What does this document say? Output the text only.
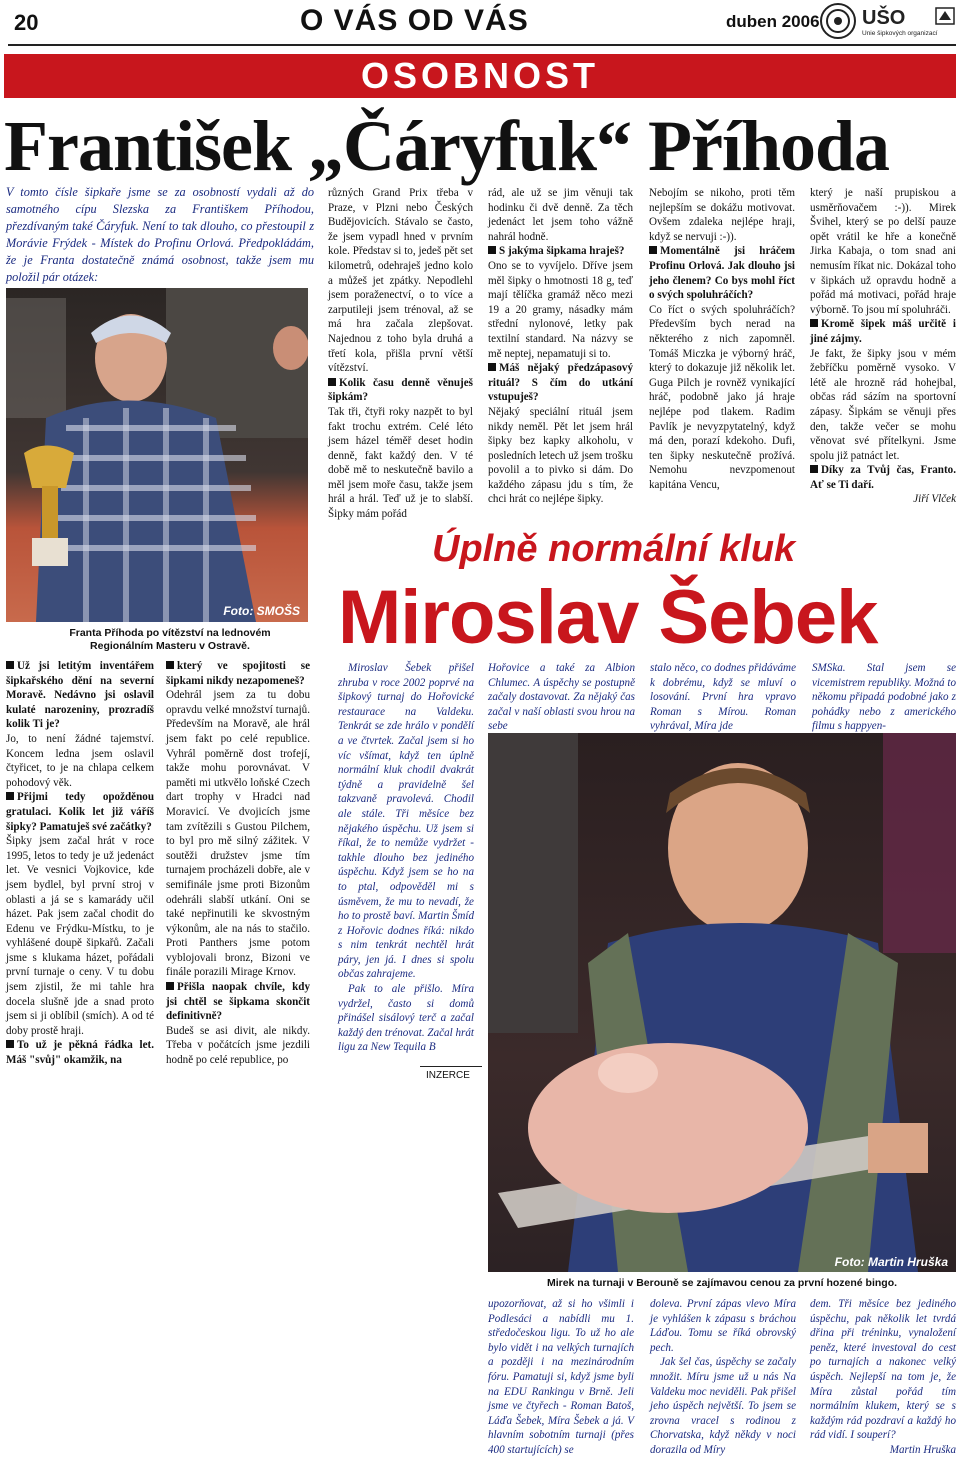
20	O VÁS OD VÁS	duben 2006 UŠO
Unie šipkových organizací
OSOBNOST
František „Čáryfuk“ Příhoda
V tomto čísle šipkaře jsme se za osobností vydali až do samotného cípu Slezska za Františkem Příhodou, přezdívaným také Čáryfuk. Není to tak dlouho, co přestoupil z Morávie Frýdek - Místek do Profinu Orlová. Předpokládám, že je Franta dostatečně známá osobnost, takže jsem mu položil pár otázek:
Foto: SMOŠS
Franta Příhoda po vítězství na lednovém Regionálním Masteru v Ostravě.

Už jsi letitým inventářem šipkařského dění na severní Moravě. Nedávno jsi oslavil kulaté narozeniny, prozradíš kolik Ti je?

Jo, to není žádné tajemství. Koncem ledna jsem oslavil čtyřicet, to je na chlapa celkem pohodový věk.

Přijmi tedy opožděnou gratulaci. Kolik let již váříš šipky? Pamatuješ své začátky?

Šipky jsem začal hrát v roce 1995, letos to tedy je už jedenáct let. Ve vesnici Vojkovice, kde jsem bydlel, byl první stroj v oblasti a já se s kamarády učil házet. Pak jsem začal chodit do Edenu ve Frýdku-Místku, to je vyhlášené doupě šipkařů. Začali jsme s klukama házet, pořádali první turnaje o ceny. V tu dobu jsem zjistil, že mi tahle hra docela slušně jde a snad proto jsem si ji oblíbil (smích). A od té doby prostě hraji.

To už je pěkná řádka let. Máš "svůj" okamžik, na

který ve spojitosti se šipkami nikdy nezapomeneš?

Odehrál jsem za tu dobu opravdu velké množství turnajů. Především na Moravě, ale hrál jsem fakt po celé republice. Vyhrál poměrně dost trofejí, takže mohu porovnávat. V paměti mi utkvělo loňské Czech dart trophy v Hradci nad Moravicí. Ve dvojicích jsme tam zvítězili s Gustou Pilchem, to byl pro mě silný zážitek. V soutěži družstev jsme tím turnajem procházeli dobře, ale v semifinále jsme proti Bizonům odehráli slabší utkání. Oni se také nepřinutili ke skvostným výkonům, ale na nás to stačilo. Proti Panthers jsme potom vyblojovali bronz, Bizoni ve finále porazili Mirage Krnov.

Přišla naopak chvíle, kdy jsi chtěl se šipkama skončit definitivně?

Budeš se asi divit, ale nikdy. Třeba v počátcích jsme jezdili hodně po celé republice, po

různých Grand Prix třeba v Praze, v Plzni nebo Českých Budějovicích. Stávalo se často, že jsem vypadl hned v prvním kole. Představ si to, jedeš pět set kilometrů, odehraješ jedno kolo a můžeš jet zpátky. Nepodlehl jsem poraženectví, o to více a zarputileji jsem trénoval, až se má hra začala zlepšovat. Najednou z toho byla druhá a třetí kola, přišla první větší vítězství.

Kolik času denně věnuješ šipkám?

Tak tři, čtyři roky nazpět to byl fakt trochu extrém. Celé léto jsem házel téměř deset hodin denně, fakt každý den. V té době mě to neskutečně bavilo a měl jsem moře času, takže jsem hrál a hrál. Teď už je to slabší. Šipky mám pořád

rád, ale už se jim věnuji tak hodinku či dvě denně. Za těch jedenáct let jsem toho vážně nahrál hodně.

S jakýma šipkama hraješ?

Ono se to vyvíjelo. Dříve jsem měl šipky o hmotnosti 18 g, teď mají tělíčka gramáž něco mezi 19 a 20 gramy, násadky mám střední nylonové, letky pak textilní standard. Na názvy se mě neptej, nepamatuji si to.

Máš nějaký předzápasový rituál? S čím do utkání vstupuješ?

Nějaký speciální rituál jsem nikdy neměl. Pět let jsem hrál šipky bez kapky alkoholu, v posledních letech už jsem trošku povolil a to pivko si dám. Do každého zápasu jdu s tím, že chci hrát co nejlépe šipky.

Nebojím se nikoho, proti těm nejlepším se dokážu motivovat. Ovšem zdaleka nejlépe hraji, když se nervuji :-)).

Momentálně jsi hráčem Profinu Orlová. Jak dlouho jsi jeho členem? Co bys mohl říct o svých spoluhráčích?

Co říct o svých spoluhráčích? Především bych nerad na některého z nich zapomněl. Tomáš Miczka je výborný hráč, který to dokazuje již několik let. Guga Pilch je rovněž vynikající hráč, podobně jako já hraje nejlépe pod tlakem. Radim Pavlík je nevyzpytatelný, když má den, porazí kdekoho. Dufi, ten šipky neskutečně prožívá. Nemohu nevzpomenout kapitána Vencu,

který je naší prupiskou a usměrňovačem :-)). Mirek Švihel, který se po delší pauze opět vrátil ke hře a konečně Jirka Kabaja, o tom snad ani nemusím říkat nic. Dokázal toho v šipkách už opravdu hodně a pořád má motivaci, pořád hraje výborně. To jsou mí spoluhráči.

Kromě šipek máš určitě i jiné zájmy.

Je fakt, že šipky jsou v mém žebříčku poměrně vysoko. V létě ale hrozně rád hohejbal, občas rád sázím na sportovní zápasy. Šipkám se věnuji přes den, takže večer se mohu věnovat své přítelkyni. Jsme spolu již patnáct let.

Díky za Tvůj čas, Franto. Ať se Ti daří.

Jiří Vlček

Úplně normální kluk
Miroslav Šebek

Miroslav Šebek přišel zhruba v roce 2002 poprvé na šipkový turnaj do Hořovické restaurace na Valdeku. Tenkrát se zde hrálo v pondělí a ve čtvrtek. Začal jsem si ho víc všímat, když ten úplně normální kluk chodil dvakrát týdně a pravidelně šel takzvaně pravolevá. Chodil ale stále. Tři měsíce bez nějakého úspěchu. Už jsem si říkal, že to nemůže vydržet - takhle dlouho bez jediného úspěchu. Když jsem se ho na to ptal, odpověděl mi s úsměvem, že mu to nevadí, že ho to prostě baví. Martin Šmíd z Hořovic dodnes říká: nikdo s nim tenkrát nechtěl hrát páry, jen já. I dnes si spolu občas zahrajeme.

Pak to ale přišlo. Míra vydržel, často si domů přinášel sisálový terč a začal každý den trénovat. Začal hrát ligu za New Tequila B

INZERCE
Hořovice a také za Albion Chlumec. A úspěchy se postupně začaly dostavovat. Za nějaký čas začal v naší oblasti svou hrou na sebe
stalo něco, co dodnes přidáváme k dobrému, když se mluví o losování. První hra vpravo Roman s Mírou. Roman vyhrával, Míra jde
SMSka. Stal jsem se vicemistrem republiky. Možná to někomu připadá podobné jako z pohádky nebo z amerického filmu s happyen-
Foto: Martin Hruška
Mirek na turnaji v Berouně se zajímavou cenou za první hozené bingo.
upozorňovat, až si ho všimli i Podlesáci a nabídli mu 1. středočeskou ligu. To už ho ale bylo vidět i na velkých turnajích a později i na mezinárodním fóru. Pamatuji si, když jsme byli na EDU Rankingu v Brně. Jeli jsme ve čtyřech - Roman Batoš, Láďa Šebek, Míra Šebek a já. V hlavním sobotním turnaji (přes 400 startujících) se

doleva. První zápas vlevo Míra je vyhlášen k zápasu s bráchou Láďou. Tomu se říká obrovský pech.

Jak šel čas, úspěchy se začaly množit. Míru jsme už u nás Na Valdeku moc neviděli. Pak přišel jeho úspěch největší. To jsem se zrovna vracel s rodinou z Chorvatska, když někdy v noci dorazila od Míry

dem. Tři měsíce bez jediného úspěchu, pak několik let tvrdá dřina při tréninku, vynaložení peněz, které investoval do cest po turnajích a nakonec velký úspěch. Nejlepší na tom je, že Míra zůstal pořád tím normálním klukem, který se s každým rád pozdraví a každý ho rád vidí. I souperí?

Martin Hruška
